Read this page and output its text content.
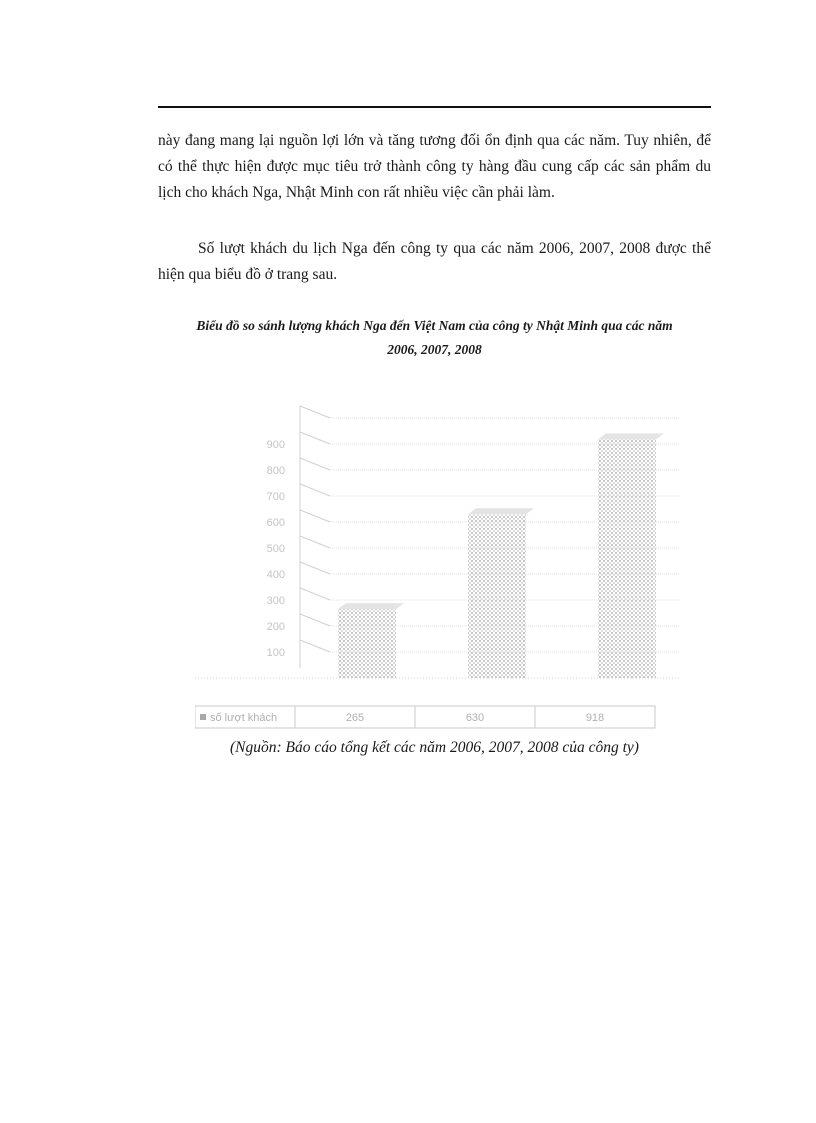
này đang mang lại nguồn lợi lớn và tăng tương đối ổn định qua các năm. Tuy nhiên, để có thể thực hiện được mục tiêu trở thành công ty hàng đầu cung cấp các sản phẩm du lịch cho khách Nga, Nhật Minh con rất nhiều việc cần phải làm.

Số lượt khách du lịch Nga đến công ty qua các năm 2006, 2007, 2008 được thể hiện qua biểu đồ ở trang sau.

Biểu đồ so sánh lượng khách Nga đến Việt Nam của công ty Nhật Minh qua các năm
2006, 2007, 2008

100
200
300
400
500
600
700
800
900
số lượt khách	265	630	918

(Nguồn: Báo cáo tổng kết các năm 2006, 2007, 2008 của công ty)
